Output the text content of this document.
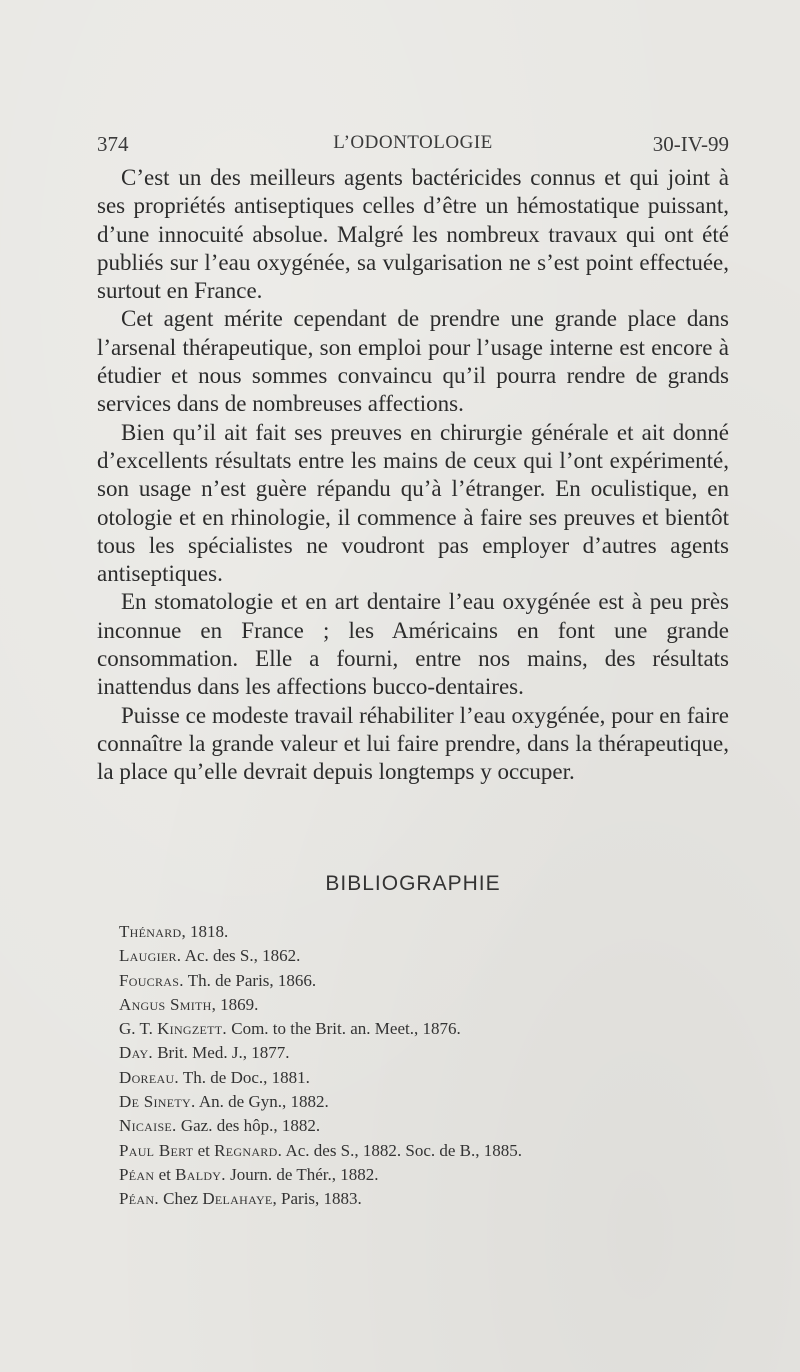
374	L’ODONTOLOGIE	30-IV-99

C’est un des meilleurs agents bactéricides connus et qui joint à ses propriétés antiseptiques celles d’être un hémostatique puissant, d’une innocuité absolue. Malgré les nombreux travaux qui ont été publiés sur l’eau oxygénée, sa vulgarisation ne s’est point effectuée, surtout en France.

Cet agent mérite cependant de prendre une grande place dans l’arsenal thérapeutique, son emploi pour l’usage interne est encore à étudier et nous sommes convaincu qu’il pourra rendre de grands services dans de nombreuses affections.

Bien qu’il ait fait ses preuves en chirurgie générale et ait donné d’excellents résultats entre les mains de ceux qui l’ont expérimenté, son usage n’est guère répandu qu’à l’étranger. En oculistique, en otologie et en rhinologie, il commence à faire ses preuves et bientôt tous les spécialistes ne voudront pas employer d’autres agents antiseptiques.

En stomatologie et en art dentaire l’eau oxygénée est à peu près inconnue en France ; les Américains en font une grande consommation. Elle a fourni, entre nos mains, des résultats inattendus dans les affections bucco-dentaires.

Puisse ce modeste travail réhabiliter l’eau oxygénée, pour en faire connaître la grande valeur et lui faire prendre, dans la thérapeutique, la place qu’elle devrait depuis longtemps y occuper.

BIBLIOGRAPHIE
Thénard, 1818.
Laugier. Ac. des S., 1862.
Foucras. Th. de Paris, 1866.
Angus Smith, 1869.
G. T. Kingzett. Com. to the Brit. an. Meet., 1876.
Day. Brit. Med. J., 1877.
Doreau. Th. de Doc., 1881.
De Sinety. An. de Gyn., 1882.
Nicaise. Gaz. des hôp., 1882.
Paul Bert et Regnard. Ac. des S., 1882. Soc. de B., 1885.
Péan et Baldy. Journ. de Thér., 1882.
Péan. Chez Delahaye, Paris, 1883.
